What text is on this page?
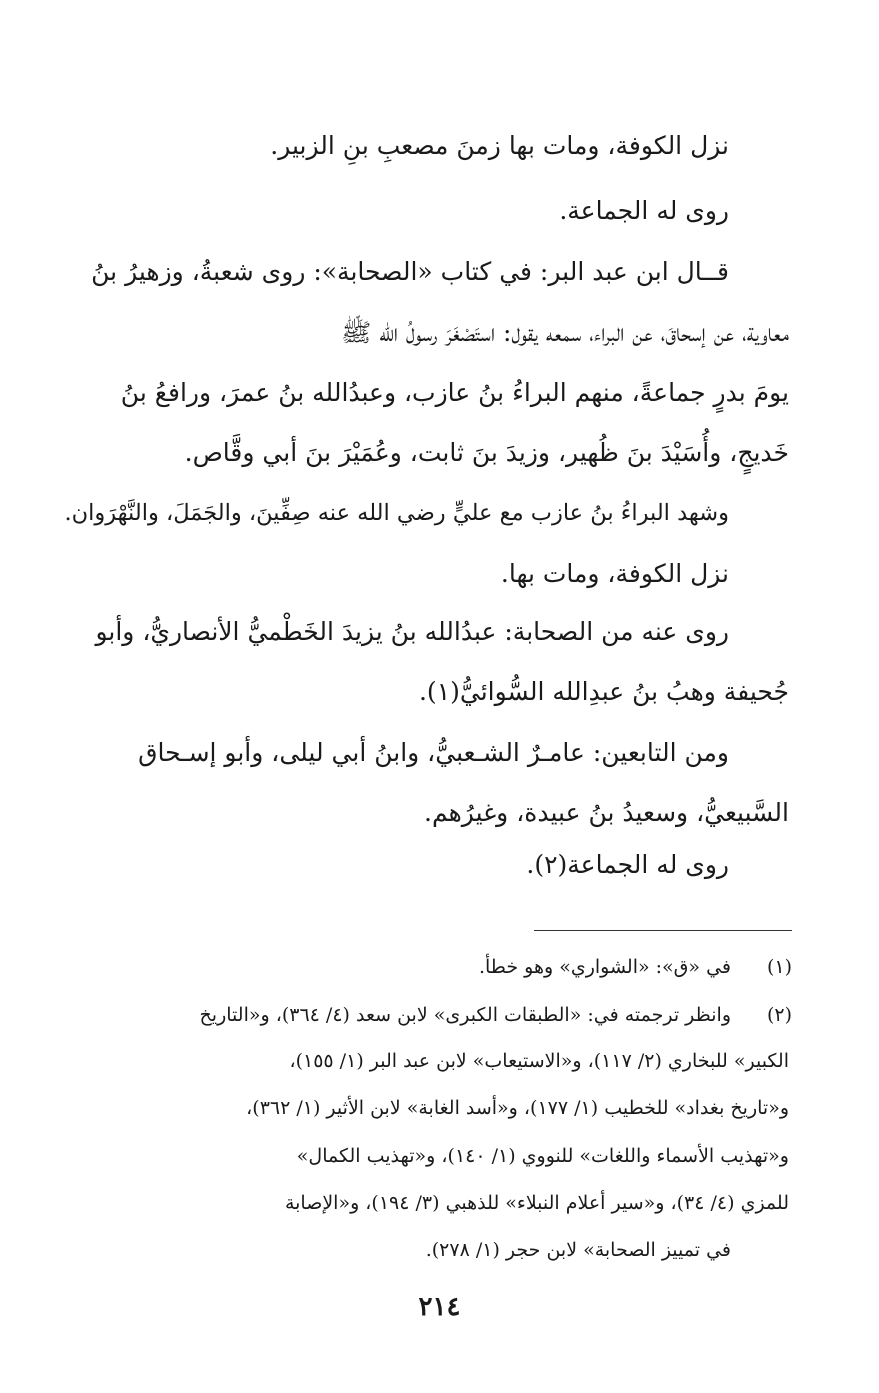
نزل الكوفة، ومات بها زمنَ مصعبِ بنِ الزبير.
روى له الجماعة.
قــال ابن عبد البر: في كتاب «الصحابة»: روى شعبةُ، وزهيرُ بنُ
معاوية، عن إسحاقَ، عن البراء، سمعه يقول: استَصْغَرَ رسولُ الله ﷺ
يومَ بدرٍ جماعةً، منهم البراءُ بنُ عازب، وعبدُالله بنُ عمرَ، ورافعُ بنُ
خَديجٍ، وأُسَيْدَ بنَ ظُهير، وزيدَ بنَ ثابت، وعُمَيْرَ بنَ أبي وقَّاص.
وشهد البراءُ بنُ عازب مع عليٍّ رضي الله عنه صِفِّينَ، والجَمَلَ، والنَّهْرَوان.
نزل الكوفة، ومات بها.
روى عنه من الصحابة: عبدُالله بنُ يزيدَ الخَطْميُّ الأنصاريُّ، وأبو
جُحيفة وهبُ بنُ عبدِالله السُّوائيُّ(١).
ومن التابعين: عامـرٌ الشـعبيُّ، وابنُ أبي ليلى، وأبو إسـحاق
السَّبيعيُّ، وسعيدُ بنُ عبيدة، وغيرُهم.
روى له الجماعة(٢).
(١)
في «ق»: «الشواري» وهو خطأ.
(٢)
وانظر ترجمته في: «الطبقات الكبرى» لابن سعد (٤/ ٣٦٤)، و«التاريخ
الكبير» للبخاري (٢/ ١١٧)، و«الاستيعاب» لابن عبد البر (١/ ١٥٥)،
و«تاريخ بغداد» للخطيب (١/ ١٧٧)، و«أسد الغابة» لابن الأثير (١/ ٣٦٢)،
و«تهذيب الأسماء واللغات» للنووي (١/ ١٤٠)، و«تهذيب الكمال»
للمزي (٤/ ٣٤)، و«سير أعلام النبلاء» للذهبي (٣/ ١٩٤)، و«الإصابة
في تمييز الصحابة» لابن حجر (١/ ٢٧٨).
٢١٤
